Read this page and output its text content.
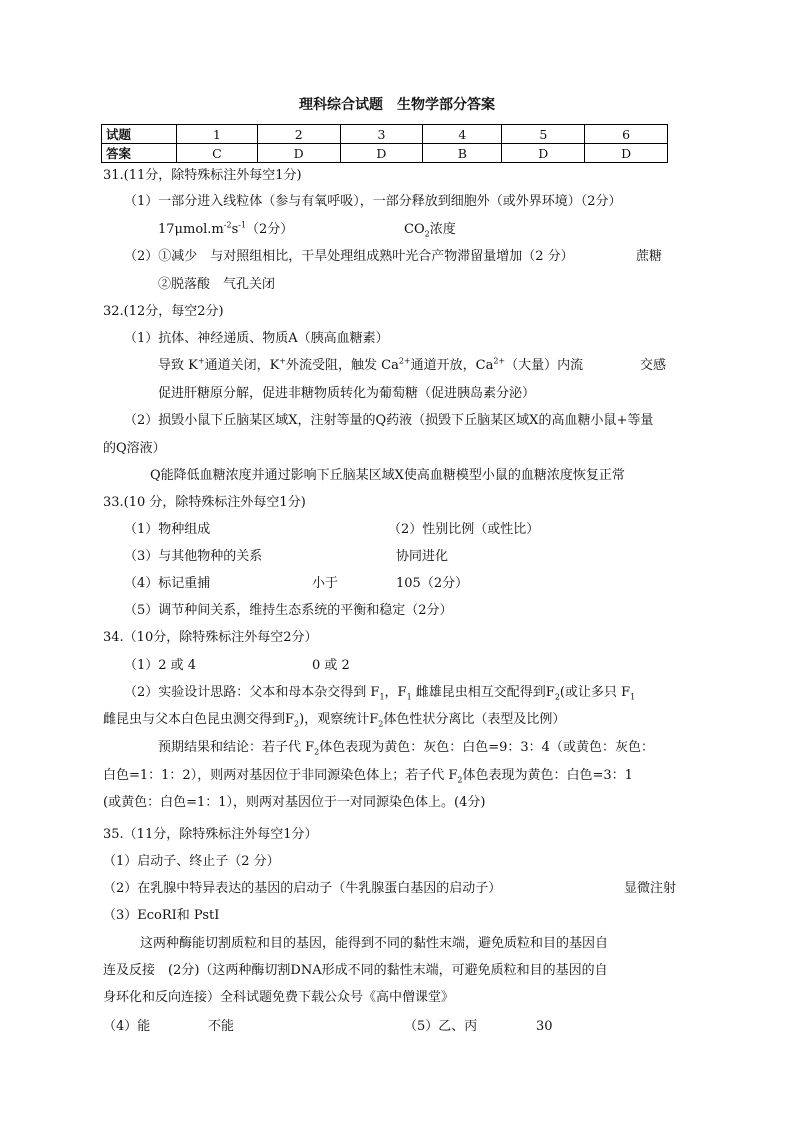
理科综合试题　生物学部分答案
试题	1	2	3	4	5	6
答案	C	D	D	B	D	D
31.(11分，除特殊标注外每空1分)
（1）一部分进入线粒体（参与有氧呼吸），一部分释放到细胞外（或外界环境）（2分）
$17\mu mol.m^{-2}s^{-1}(2$分）	$CO_2$浓度
（2）①减少　与对照组相比，干旱处理组成熟叶光合产物滞留量增加（2 分）	蔗糖
②脱落酸　气孔关闭
32.(12分，每空2分)
（1）抗体、神经递质、物质A（胰高血糖素）
导致 K+通道关闭，K+外流受阻，触发 $Ca^{2+}$通道开放，$Ca^{2+}$（大量）内流	交感
促进肝糖原分解，促进非糖物质转化为葡萄糖（促进胰岛素分泌）
（2）损毁小鼠下丘脑某区域X，注射等量的Q药液（损毁下丘脑某区域X的高血糖小鼠+等量
的Q溶液）
Q能降低血糖浓度并通过影响下丘脑某区域X使高血糖模型小鼠的血糖浓度恢复正常
33.(10 分，除特殊标注外每空1分)
（1）物种组成	（2）性别比例（或性比）
（3）与其他物种的关系	协同进化
（4）标记重捕	小于	105（2分）
（5）调节种间关系，维持生态系统的平衡和稳定（2分）
34.（10分，除特殊标注外每空2分）
（1）2 或 4	0 或 2
（2）实验设计思路：父本和母本杂交得到 $F_1$，$F_1$ 雌雄昆虫相互交配得到$F_2$(或让多只 $F_1$
雌昆虫与父本白色昆虫测交得到$F_2$)，观察统计$F_2$体色性状分离比（表型及比例）
预期结果和结论：若子代 $F_2$体色表现为黄色：灰色：白色=9：3：4（或黄色：灰色：
白色=1：1：2），则两对基因位于非同源染色体上；若子代 $F_2$体色表现为黄色：白色=3：1
(或黄色：白色=1：1），则两对基因位于一对同源染色体上。(4分)
35.（11分，除特殊标注外每空1分）
（1）启动子、终止子（2 分）
（2）在乳腺中特异表达的基因的启动子（牛乳腺蛋白基因的启动子）	显微注射
（3）EcoRⅠ和 PstⅠ
这两种酶能切割质粒和目的基因，能得到不同的黏性末端，避免质粒和目的基因自
连及反接　(2分)（这两种酶切割DNA形成不同的黏性末端，可避免质粒和目的基因的自
身环化和反向连接）全科试题免费下载公众号《高中僧课堂》
（4）能	不能	（5）乙、丙	30
